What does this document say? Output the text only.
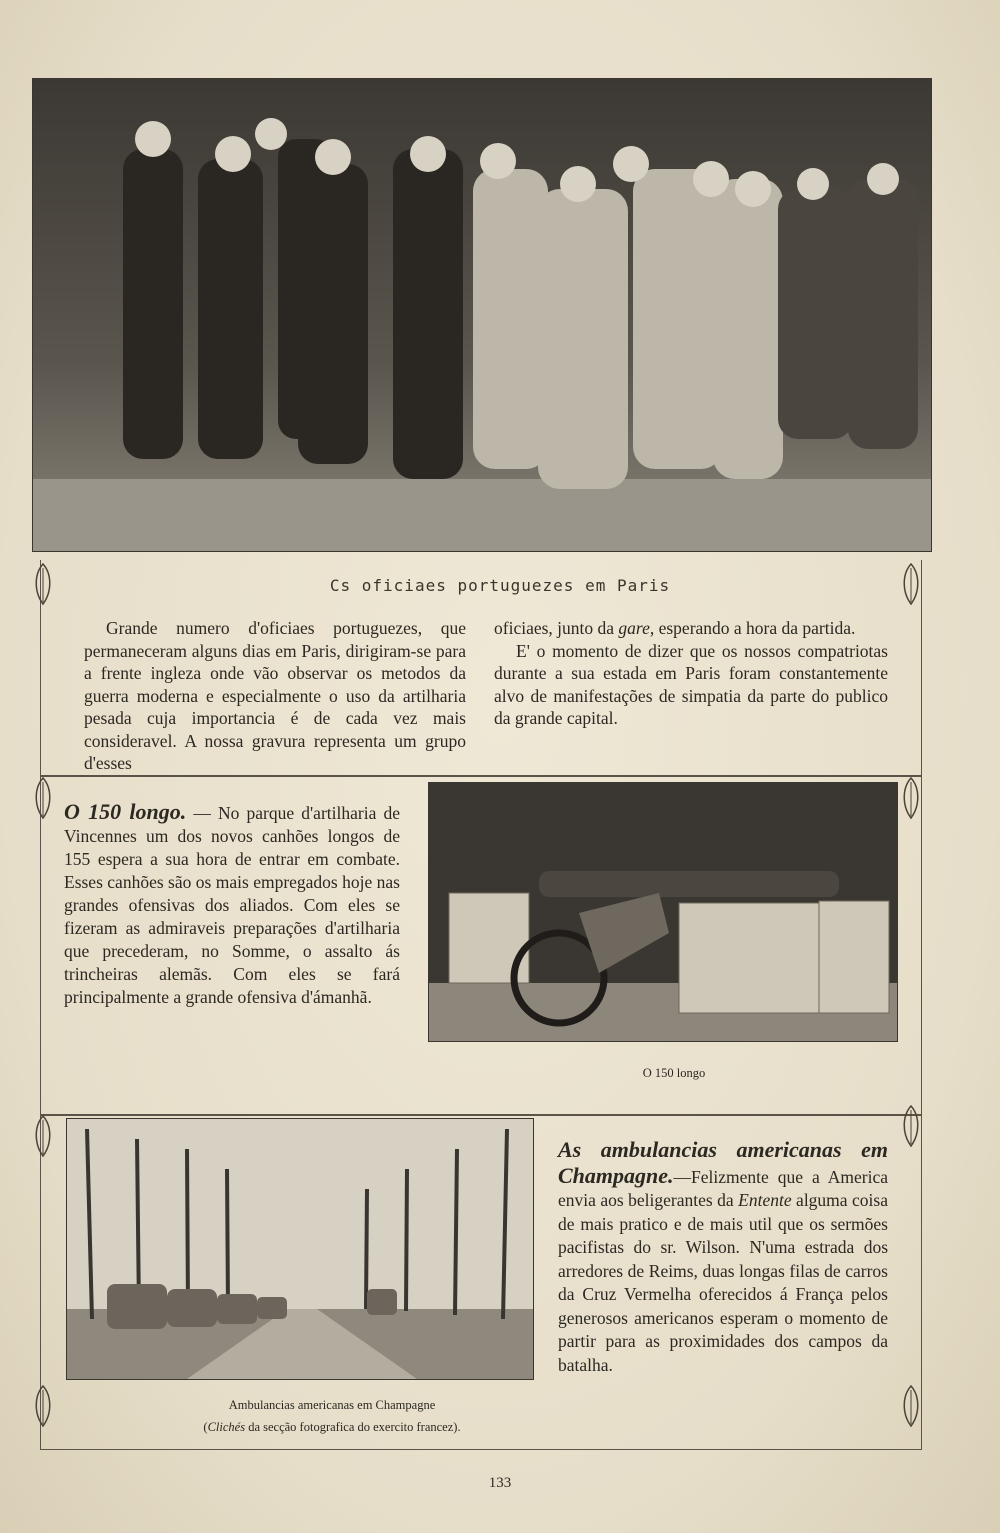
Cs oficiaes portuguezes em Paris

Grande numero d'oficiaes portuguezes, que permaneceram alguns dias em Paris, dirigiram-se para a frente ingleza onde vão observar os metodos da guerra moderna e especialmente o uso da artilharia pesada cuja importancia é de cada vez mais consideravel. A nossa gravura representa um grupo d'esses

oficiaes, junto da gare, esperando a hora da partida.

E' o momento de dizer que os nossos compatriotas durante a sua estada em Paris foram constantemente alvo de manifestações de simpatia da parte do publico da grande capital.

O 150 longo. — No parque d'artilharia de Vincennes um dos novos canhões longos de 155 espera a sua hora de entrar em combate. Esses canhões são os mais empregados hoje nas grandes ofensivas dos aliados. Com eles se fizeram as admiraveis preparações d'artilharia que precederam, no Somme, o assalto ás trincheiras alemãs. Com eles se fará principalmente a grande ofensiva d'ámanhã.

O 150 longo
Ambulancias americanas em Champagne
(Clichés da secção fotografica do exercito francez).

As ambulancias americanas em Champagne.—Felizmente que a America envia aos beligerantes da Entente alguma coisa de mais pratico e de mais util que os sermões pacifistas do sr. Wilson. N'uma estrada dos arredores de Reims, duas longas filas de carros da Cruz Vermelha oferecidos á França pelos generosos americanos esperam o momento de partir para as proximidades dos campos da batalha.

133
